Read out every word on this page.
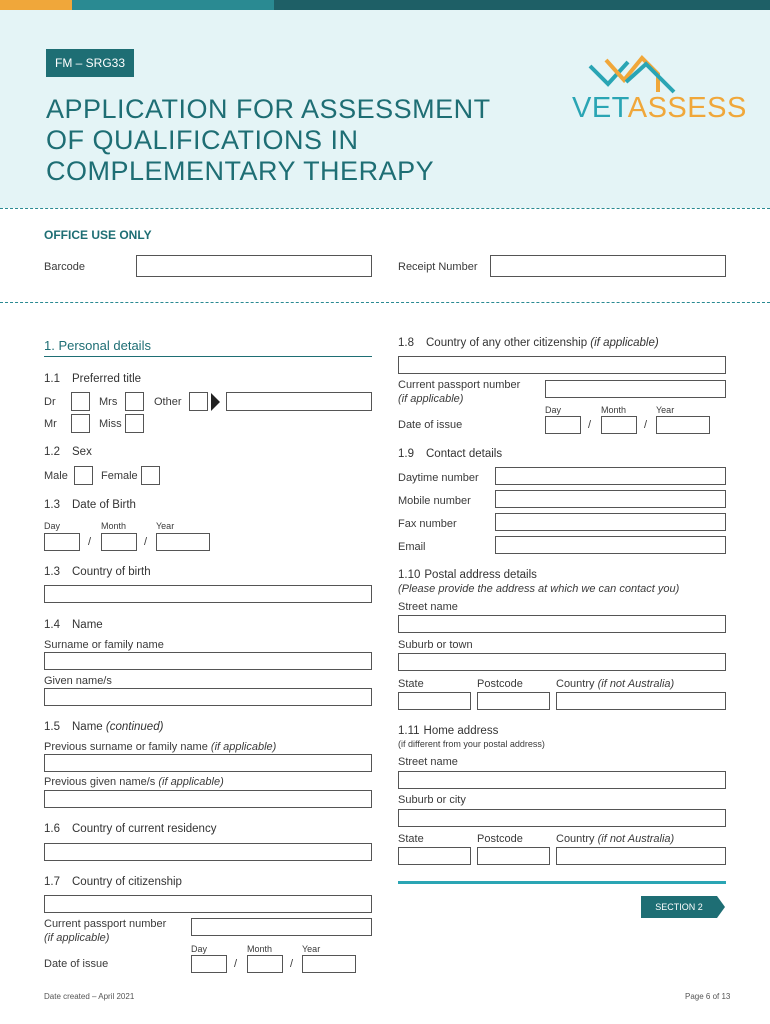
FM – SRG33
APPLICATION FOR ASSESSMENT
OF QUALIFICATIONS IN
COMPLEMENTARY THERAPY
VETASSESS
OFFICE USE ONLY
Barcode	Receipt Number
1. Personal details
1.1 Preferred title
Dr	Mrs	Other
Mr	Miss
1.2 Sex
Male	Female
1.3 Date of Birth
Day	Month	Year
/	/
1.3 Country of birth
1.4 Name
Surname or family name
Given name/s
1.5 Name (continued)
Previous surname or family name (if applicable)
Previous given name/s (if applicable)
1.6 Country of current residency
1.7 Country of citizenship
Current passport number
(if applicable)
Day	Month	Year
Date of issue	/	/
1.8 Country of any other citizenship (if applicable)
Current passport number
(if applicable)
Day	Month	Year
Date of issue	/	/
1.9 Contact details
Daytime number
Mobile number
Fax number
Email
1.10 Postal address details
(Please provide the address at which we can contact you)
Street name
Suburb or town
State	Postcode	Country (if not Australia)
1.11 Home address
(if different from your postal address)
Street name
Suburb or city
State	Postcode	Country (if not Australia)
SECTION 2
Date created – April 2021	Page 6 of 13
